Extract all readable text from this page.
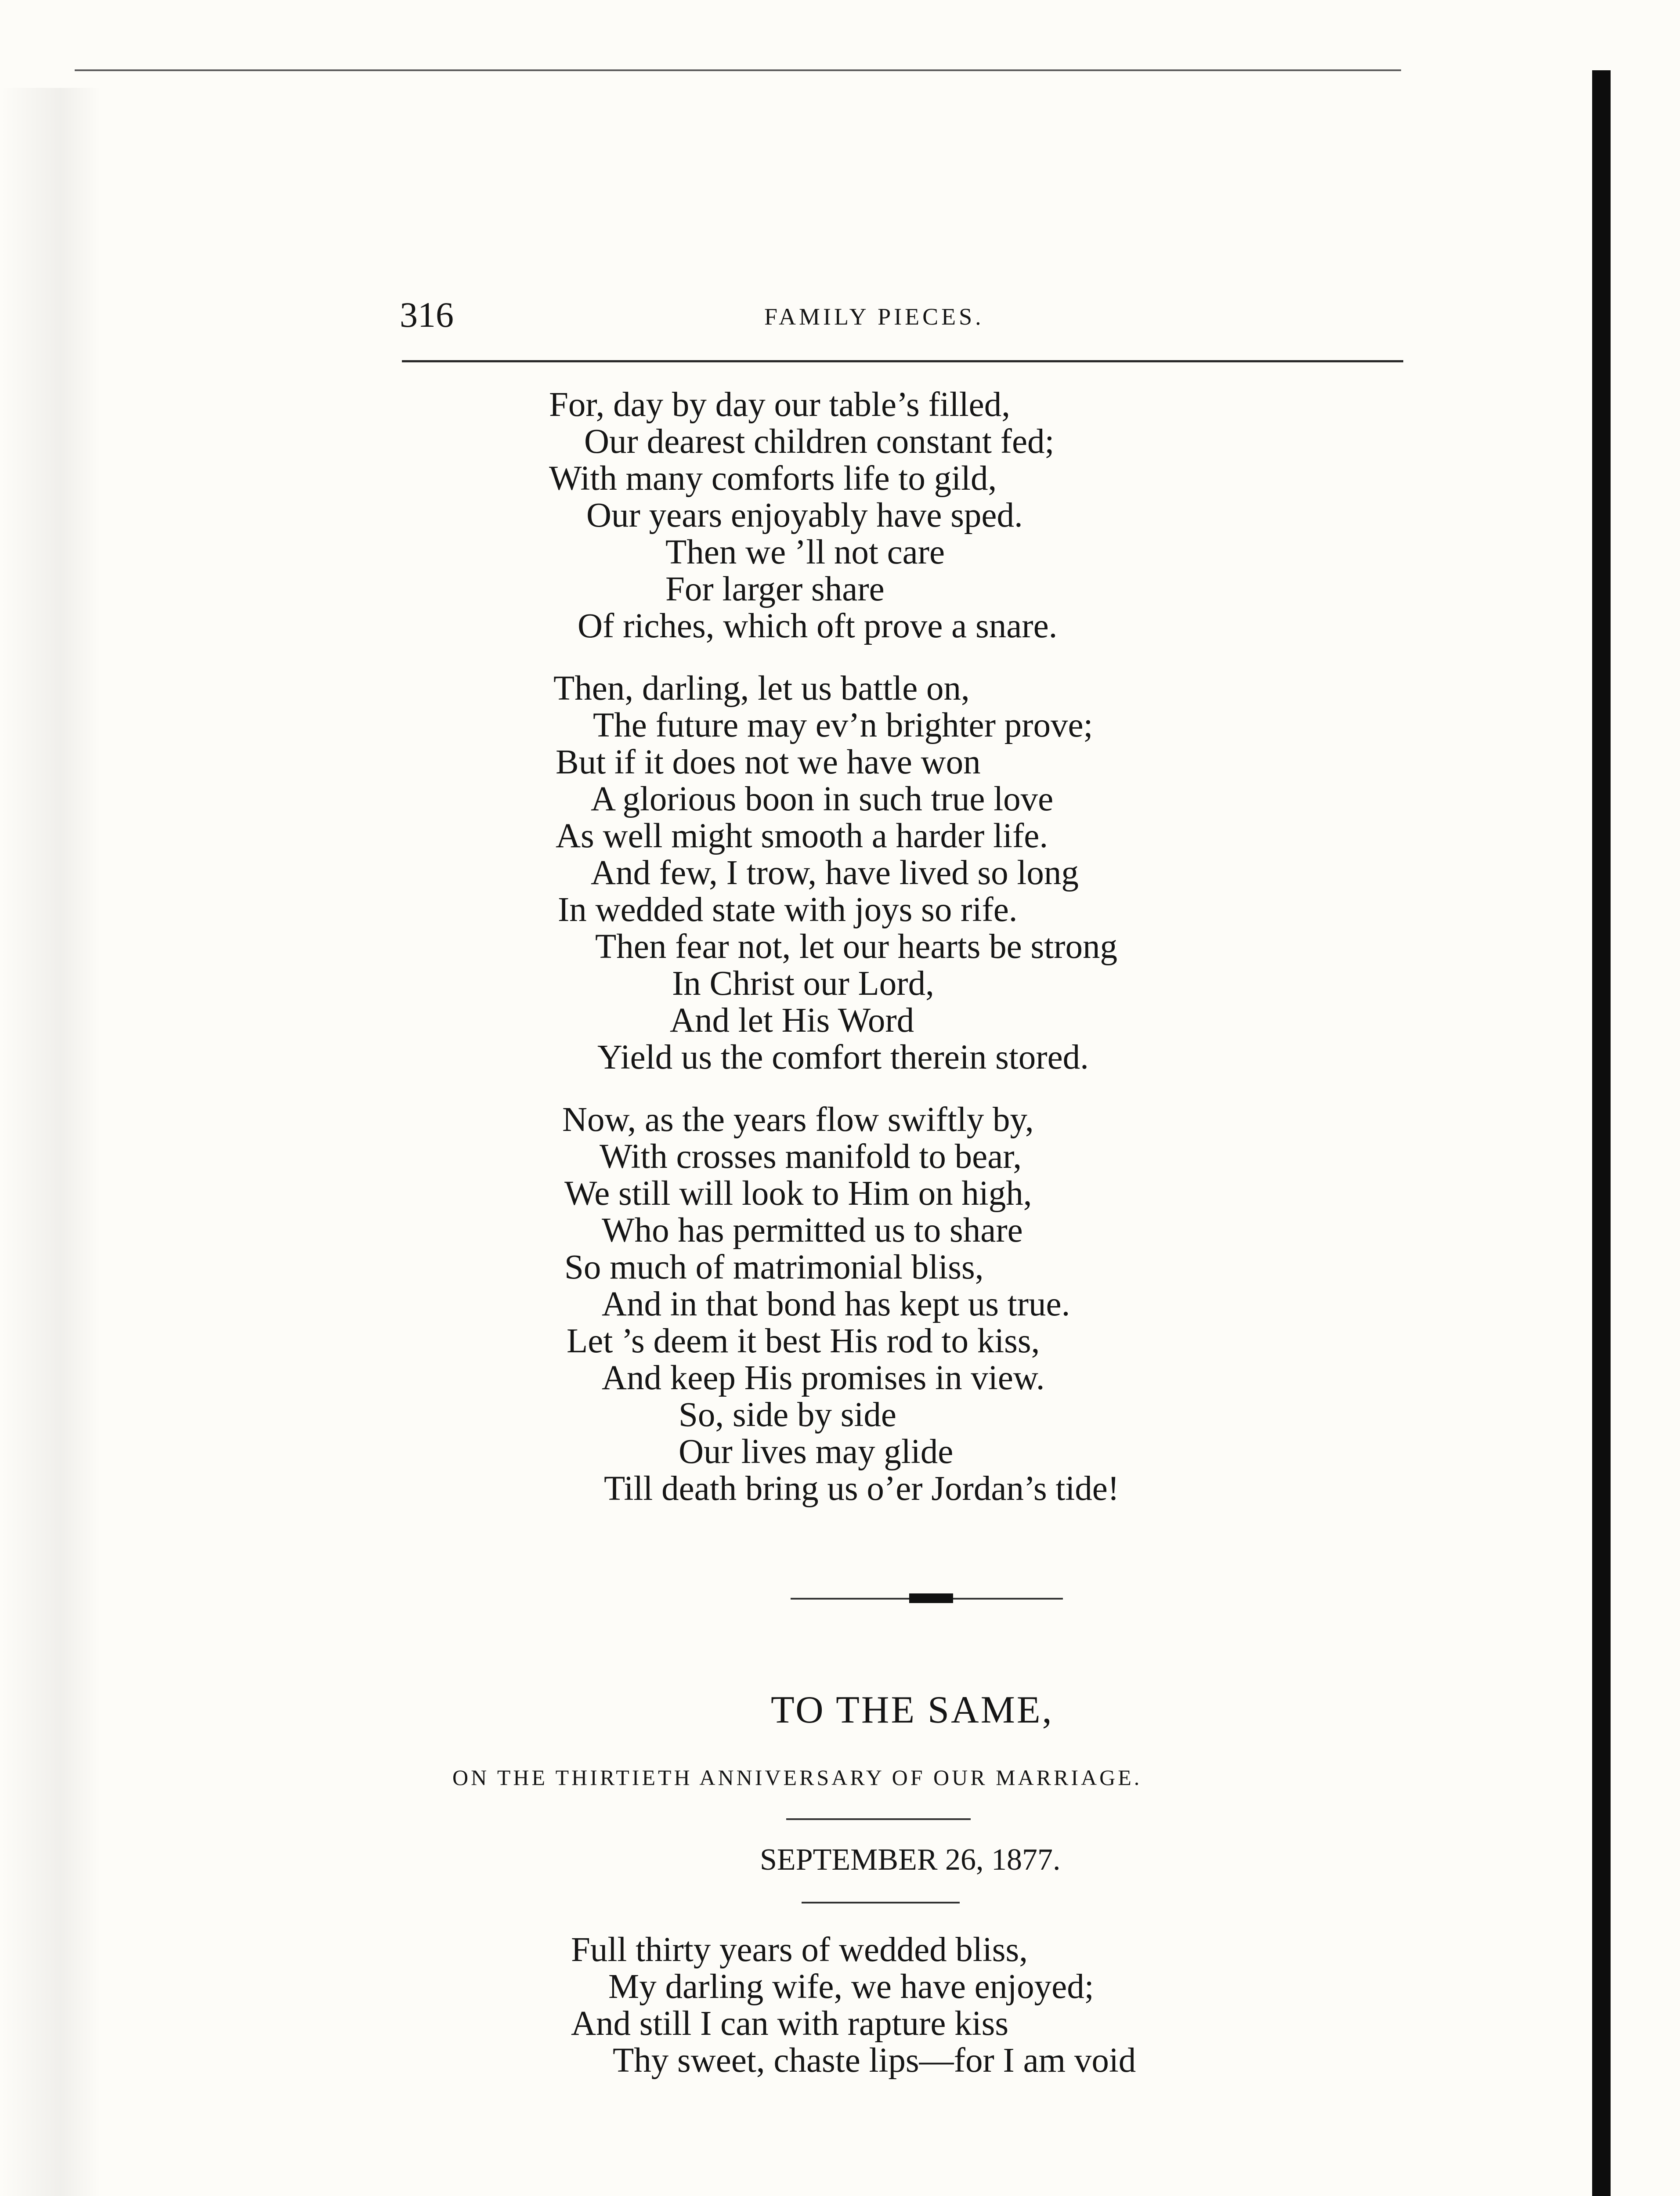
316	FAMILY PIECES.
For, day by day our table’s filled,
Our dearest children constant fed;
With many comforts life to gild,
Our years enjoyably have sped.
Then we ’ll not care
For larger share
Of riches, which oft prove a snare.
Then, darling, let us battle on,
The future may ev’n brighter prove;
But if it does not we have won
A glorious boon in such true love
As well might smooth a harder life.
And few, I trow, have lived so long
In wedded state with joys so rife.
Then fear not, let our hearts be strong
In Christ our Lord,
And let His Word
Yield us the comfort therein stored.
Now, as the years flow swiftly by,
With crosses manifold to bear,
We still will look to Him on high,
Who has permitted us to share
So much of matrimonial bliss,
And in that bond has kept us true.
Let ’s deem it best His rod to kiss,
And keep His promises in view.
So, side by side
Our lives may glide
Till death bring us o’er Jordan’s tide!
TO THE SAME,
ON THE THIRTIETH ANNIVERSARY OF OUR MARRIAGE.
SEPTEMBER 26, 1877.
Full thirty years of wedded bliss,
My darling wife, we have enjoyed;
And still I can with rapture kiss
Thy sweet, chaste lips—for I am void
